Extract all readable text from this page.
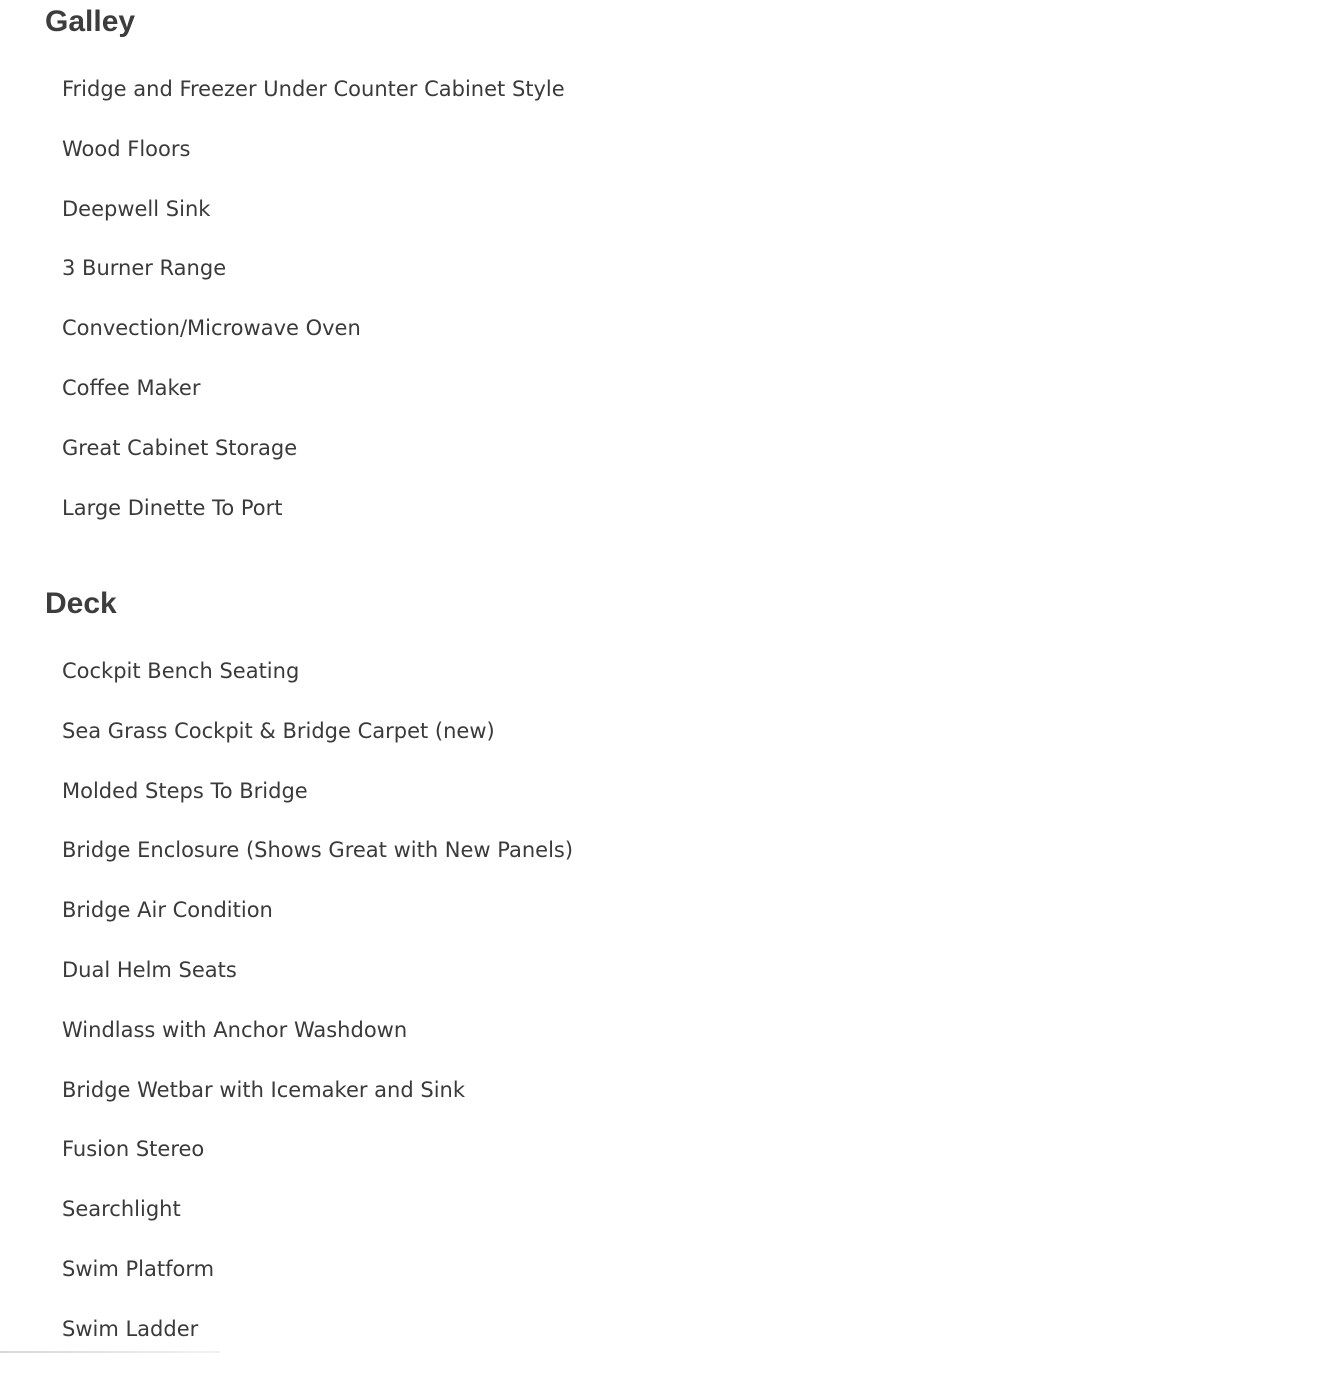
Galley
Fridge and Freezer Under Counter Cabinet Style
Wood Floors
Deepwell Sink
3 Burner Range
Convection/Microwave Oven
Coffee Maker
Great Cabinet Storage
Large Dinette To Port
Deck
Cockpit Bench Seating
Sea Grass Cockpit & Bridge Carpet (new)
Molded Steps To Bridge
Bridge Enclosure (Shows Great with New Panels)
Bridge Air Condition
Dual Helm Seats
Windlass with Anchor Washdown
Bridge Wetbar with Icemaker and Sink
Fusion Stereo
Searchlight
Swim Platform
Swim Ladder
